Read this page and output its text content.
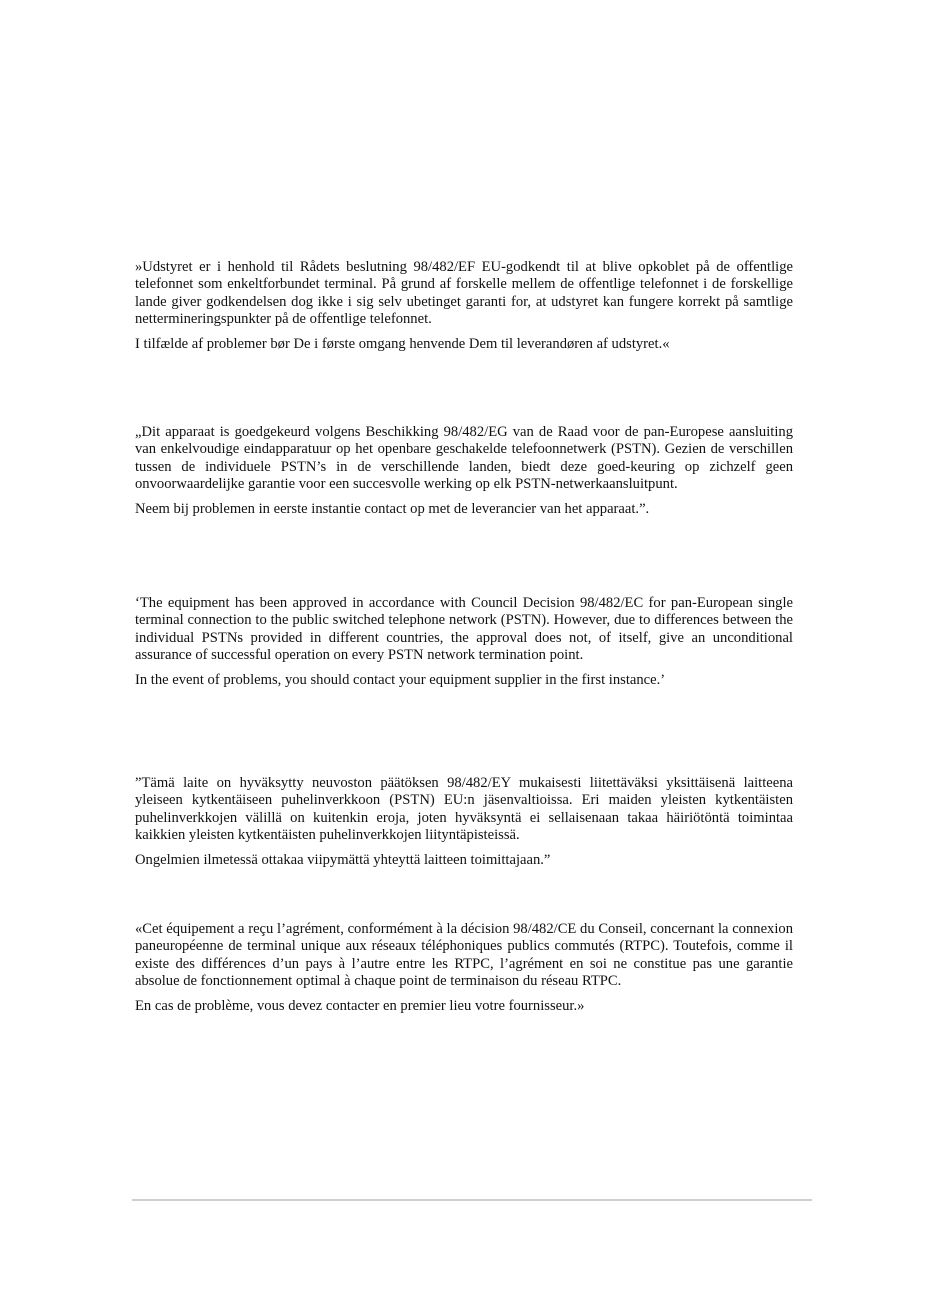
»Udstyret er i henhold til Rådets beslutning 98/482/EF EU-godkendt til at blive opkoblet på de offentlige telefonnet som enkeltforbundet terminal. På grund af forskelle mellem de offentlige telefonnet i de forskellige lande giver godkendelsen dog ikke i sig selv ubetinget garanti for, at udstyret kan fungere korrekt på samtlige nettermineringspunkter på de offentlige telefonnet.

I tilfælde af problemer bør De i første omgang henvende Dem til leverandøren af udstyret.«

„Dit apparaat is goedgekeurd volgens Beschikking 98/482/EG van de Raad voor de pan-Europese aansluiting van enkelvoudige eindapparatuur op het openbare geschakelde telefoonnetwerk (PSTN). Gezien de verschillen tussen de individuele PSTN’s in de verschillende landen, biedt deze goed-keuring op zichzelf geen onvoorwaardelijke garantie voor een succesvolle werking op elk PSTN-netwerkaansluitpunt.

Neem bij problemen in eerste instantie contact op met de leverancier van het apparaat.”.

‘The equipment has been approved in accordance with Council Decision 98/482/EC for pan-European single terminal connection to the public switched telephone network (PSTN). However, due to differences between the individual PSTNs provided in different countries, the approval does not, of itself, give an unconditional assurance of successful operation on every PSTN network termination point.

In the event of problems, you should contact your equipment supplier in the first instance.’

”Tämä laite on hyväksytty neuvoston päätöksen 98/482/EY mukaisesti liitettäväksi yksittäisenä laitteena yleiseen kytkentäiseen puhelinverkkoon (PSTN) EU:n jäsenvaltioissa. Eri maiden yleisten kytkentäisten puhelinverkkojen välillä on kuitenkin eroja, joten hyväksyntä ei sellaisenaan takaa häiriötöntä toimintaa kaikkien yleisten kytkentäisten puhelinverkkojen liityntäpisteissä.

Ongelmien ilmetessä ottakaa viipymättä yhteyttä laitteen toimittajaan.”

«Cet équipement a reçu l’agrément, conformément à la décision 98/482/CE du Conseil, concernant la connexion paneuropéenne de terminal unique aux réseaux téléphoniques publics commutés (RTPC). Toutefois, comme il existe des différences d’un pays à l’autre entre les RTPC, l’agrément en soi ne constitue pas une garantie absolue de fonctionnement optimal à chaque point de terminaison du réseau RTPC.

En cas de problème, vous devez contacter en premier lieu votre fournisseur.»
